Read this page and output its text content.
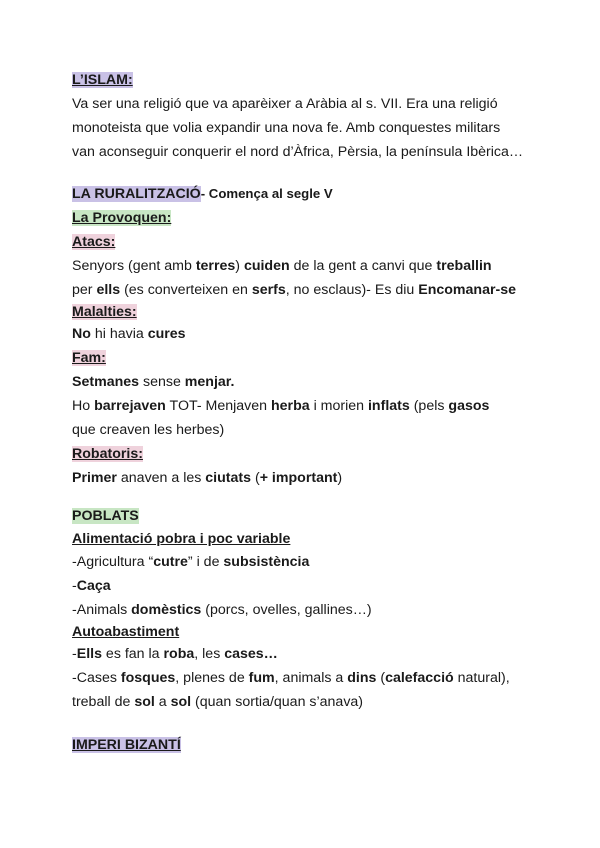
L’ISLAM:
Va ser una religió que va aparèixer a Aràbia al s. VII. Era una religió
monoteista que volia expandir una nova fe. Amb conquestes militars
van aconseguir conquerir el nord d’Àfrica, Pèrsia, la península Ibèrica…
LA RURALITZACIÓ- Comença al segle V
La Provoquen:
Atacs:
Senyors (gent amb terres) cuiden de la gent a canvi que treballin
per ells (es converteixen en serfs, no esclaus)- Es diu Encomanar-se
Malalties:
No hi havia cures
Fam:
Setmanes sense menjar.
Ho barrejaven TOT- Menjaven herba i morien inflats (pels gasos
que creaven les herbes)
Robatoris:
Primer anaven a les ciutats (+ important)
POBLATS
Alimentació pobra i poc variable
-Agricultura “cutre” i de subsistència
-Caça
-Animals domèstics (porcs, ovelles, gallines…)
Autoabastiment
-Ells es fan la roba, les cases…
-Cases fosques, plenes de fum, animals a dins (calefacció natural),
treball de sol a sol (quan sortia/quan s’anava)
IMPERI BIZANTÍ
